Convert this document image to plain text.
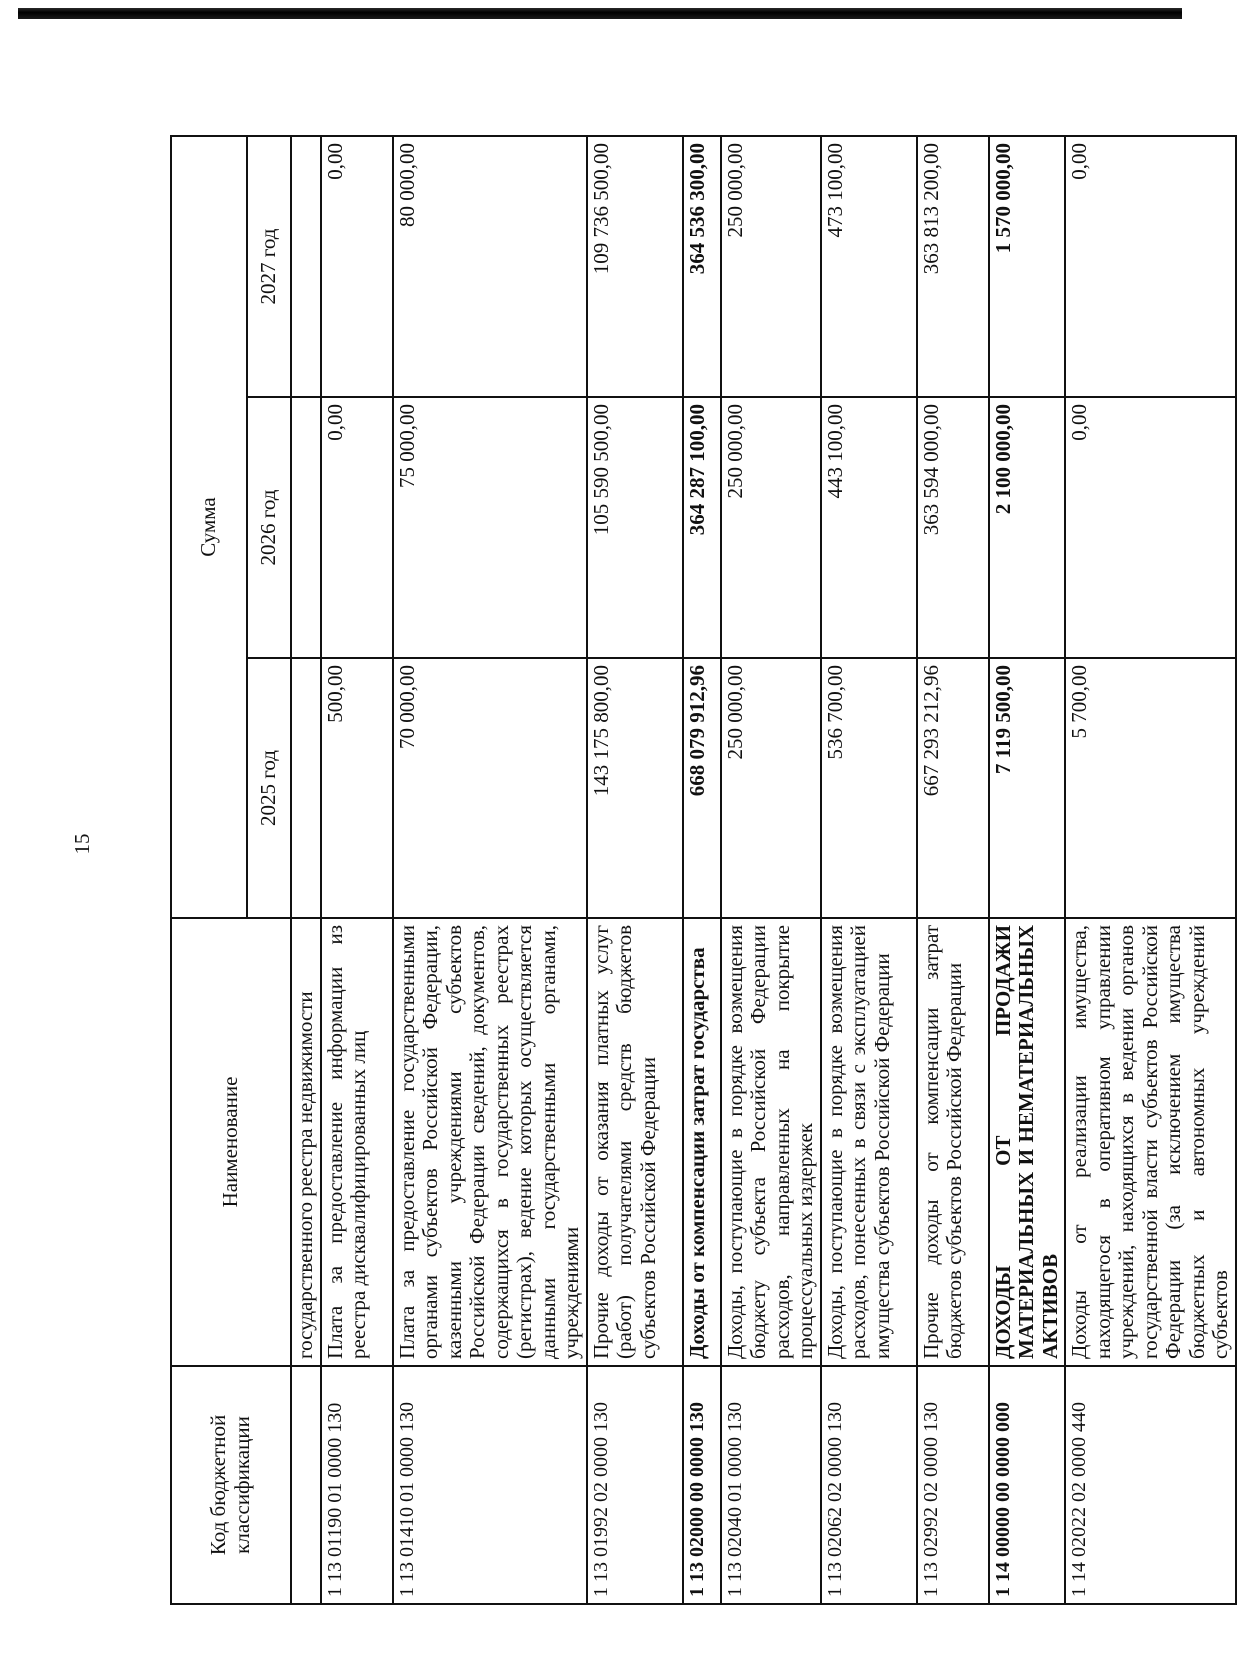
15
Код бюджетной классификации	Наименование	Сумма		
		2025 год	2026 год	2027 год
	государственного реестра недвижимости			
1 13 01190 01 0000 130	Плата за предоставление информации из реестра дисквалифицированных лиц	500,00	0,00	0,00
1 13 01410 01 0000 130	Плата за предоставление государственными органами субъектов Российской Федерации, казенными учреждениями субъектов Российской Федерации сведений, документов, содержащихся в государственных реестрах (регистрах), ведение которых осуществляется данными государственными органами, учреждениями	70 000,00	75 000,00	80 000,00
1 13 01992 02 0000 130	Прочие доходы от оказания платных услуг (работ) получателями средств бюджетов субъектов Российской Федерации	143 175 800,00	105 590 500,00	109 736 500,00
1 13 02000 00 0000 130	Доходы от компенсации затрат государства	668 079 912,96	364 287 100,00	364 536 300,00
1 13 02040 01 0000 130	Доходы, поступающие в порядке возмещения бюджету субъекта Российской Федерации расходов, направленных на покрытие процессуальных издержек	250 000,00	250 000,00	250 000,00
1 13 02062 02 0000 130	Доходы, поступающие в порядке возмещения расходов, понесенных в связи с эксплуатацией имущества субъектов Российской Федерации	536 700,00	443 100,00	473 100,00
1 13 02992 02 0000 130	Прочие доходы от компенсации затрат бюджетов субъектов Российской Федерации	667 293 212,96	363 594 000,00	363 813 200,00
1 14 00000 00 0000 000	ДОХОДЫ ОТ ПРОДАЖИ МАТЕРИАЛЬНЫХ И НЕМАТЕРИАЛЬНЫХ АКТИВОВ	7 119 500,00	2 100 000,00	1 570 000,00
1 14 02022 02 0000 440	Доходы от реализации имущества, находящегося в оперативном управлении учреждений, находящихся в ведении органов государственной власти субъектов Российской Федерации (за исключением имущества бюджетных и автономных учреждений субъектов	5 700,00	0,00	0,00
